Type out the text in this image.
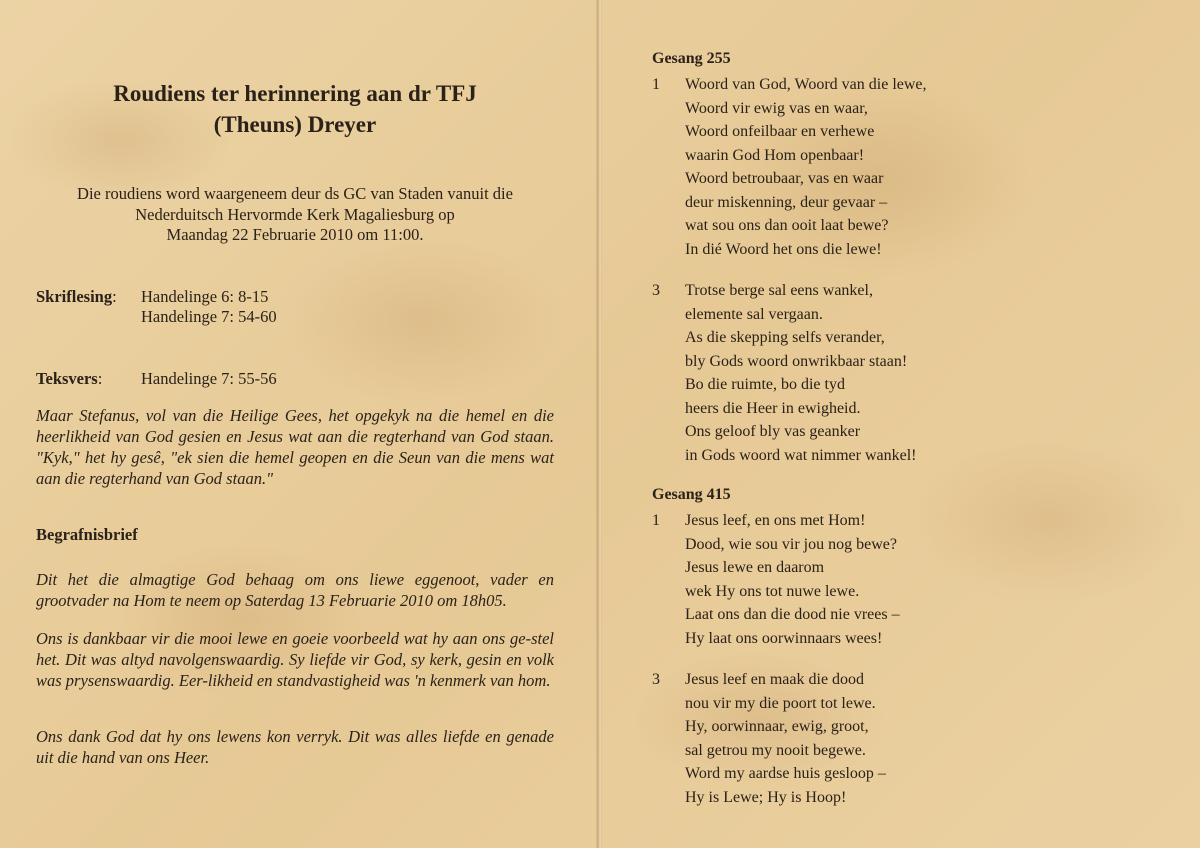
Roudiens ter herinnering aan dr TFJ
(Theuns) Dreyer
Die roudiens word waargeneem deur ds GC van Staden vanuit die
Nederduitsch Hervormde Kerk Magaliesburg op
Maandag 22 Februarie 2010 om 11:00.
Skriflesing: Handelinge 6: 8-15
Handelinge 7: 54-60
Teksvers: Handelinge 7: 55-56
Maar Stefanus, vol van die Heilige Gees, het opgekyk na die hemel en die heerlikheid van God gesien en Jesus wat aan die regterhand van God staan. "Kyk," het hy gesê, "ek sien die hemel geopen en die Seun van die mens wat aan die regterhand van God staan."
Begrafnisbrief
Dit het die almagtige God behaag om ons liewe eggenoot, vader en grootvader na Hom te neem op Saterdag 13 Februarie 2010 om 18h05.
Ons is dankbaar vir die mooi lewe en goeie voorbeeld wat hy aan ons ge-stel het. Dit was altyd navolgenswaardig. Sy liefde vir God, sy kerk, gesin en volk was prysenswaardig. Eer-likheid en standvastigheid was 'n kenmerk van hom.
Ons dank God dat hy ons lewens kon verryk. Dit was alles liefde en genade uit die hand van ons Heer.
Gesang 255
1 Woord van God, Woord van die lewe,
Woord vir ewig vas en waar,
Woord onfeilbaar en verhewe
waarin God Hom openbaar!
Woord betroubaar, vas en waar
deur miskenning, deur gevaar –
wat sou ons dan ooit laat bewe?
In dié Woord het ons die lewe!
3 Trotse berge sal eens wankel,
elemente sal vergaan.
As die skepping selfs verander,
bly Gods woord onwrikbaar staan!
Bo die ruimte, bo die tyd
heers die Heer in ewigheid.
Ons geloof bly vas geanker
in Gods woord wat nimmer wankel!
Gesang 415
1 Jesus leef, en ons met Hom!
Dood, wie sou vir jou nog bewe?
Jesus lewe en daarom
wek Hy ons tot nuwe lewe.
Laat ons dan die dood nie vrees –
Hy laat ons oorwinnaars wees!
3 Jesus leef en maak die dood
nou vir my die poort tot lewe.
Hy, oorwinnaar, ewig, groot,
sal getrou my nooit begewe.
Word my aardse huis gesloop –
Hy is Lewe; Hy is Hoop!
